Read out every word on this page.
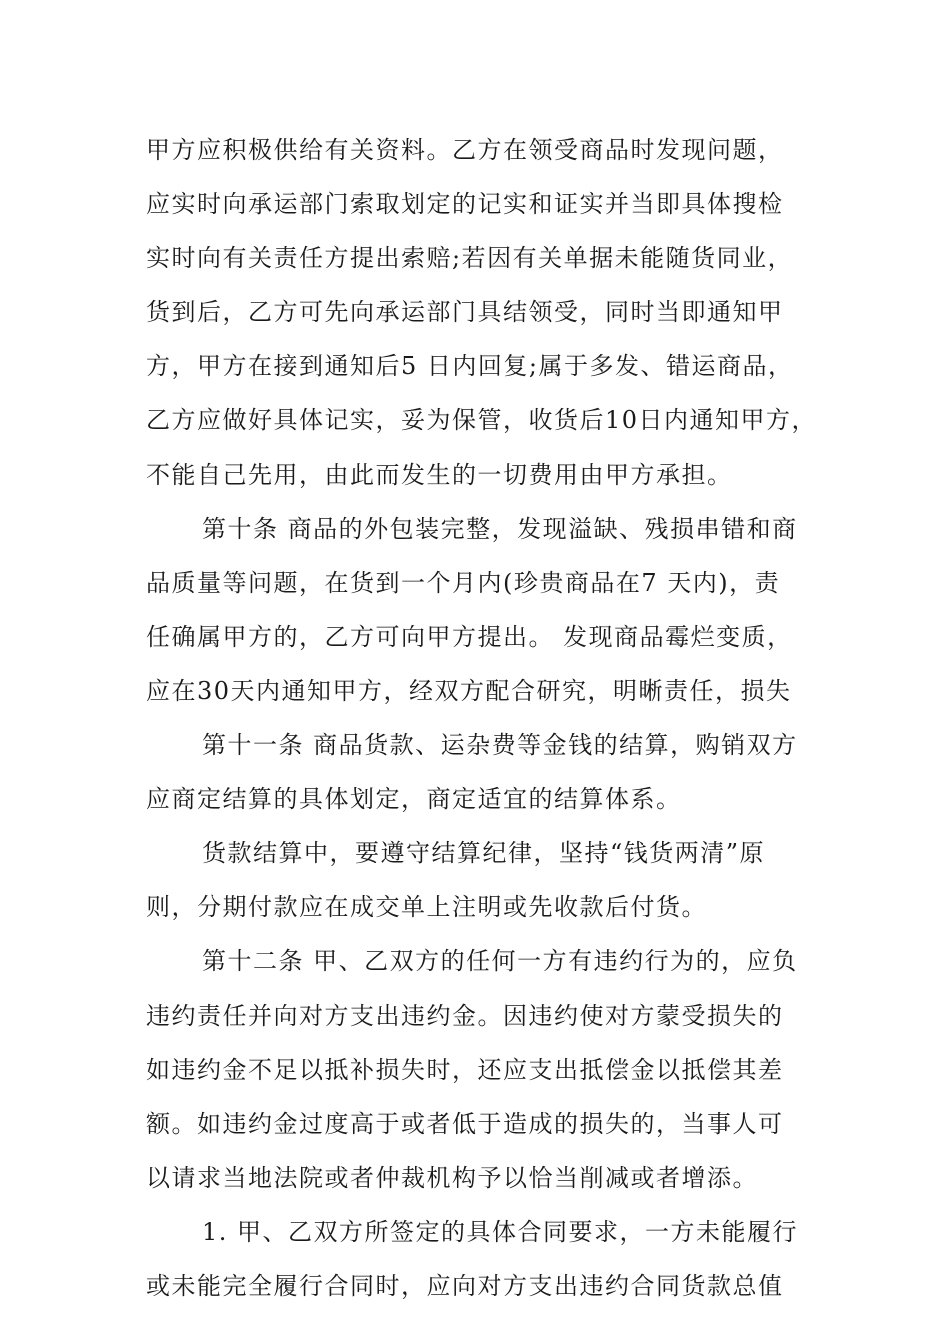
甲方应积极供给有关资料。乙方在领受商品时发现问题，
应实时向承运部门索取划定的记实和证实并当即具体搜检
实时向有关责任方提出索赔;若因有关单据未能随货同业，
货到后，乙方可先向承运部门具结领受，同时当即通知甲
方，甲方在接到通知后5 日内回复;属于多发、错运商品，
乙方应做好具体记实，妥为保管，收货后10日内通知甲方，
不能自己先用，由此而发生的一切费用由甲方承担。
第十条 商品的外包装完整，发现溢缺、残损串错和商
品质量等问题，在货到一个月内(珍贵商品在7 天内)，责
任确属甲方的，乙方可向甲方提出。 发现商品霉烂变质，
应在30天内通知甲方，经双方配合研究，明晰责任，损失
第十一条 商品货款、运杂费等金钱的结算，购销双方
应商定结算的具体划定，商定适宜的结算体系。
货款结算中，要遵守结算纪律，坚持“钱货两清”原
则，分期付款应在成交单上注明或先收款后付货。
第十二条 甲、乙双方的任何一方有违约行为的，应负
违约责任并向对方支出违约金。因违约使对方蒙受损失的
如违约金不足以抵补损失时，还应支出抵偿金以抵偿其差
额。如违约金过度高于或者低于造成的损失的，当事人可
以请求当地法院或者仲裁机构予以恰当削减或者增添。
1. 甲、乙双方所签定的具体合同要求，一方未能履行
或未能完全履行合同时，应向对方支出违约合同货款总值
